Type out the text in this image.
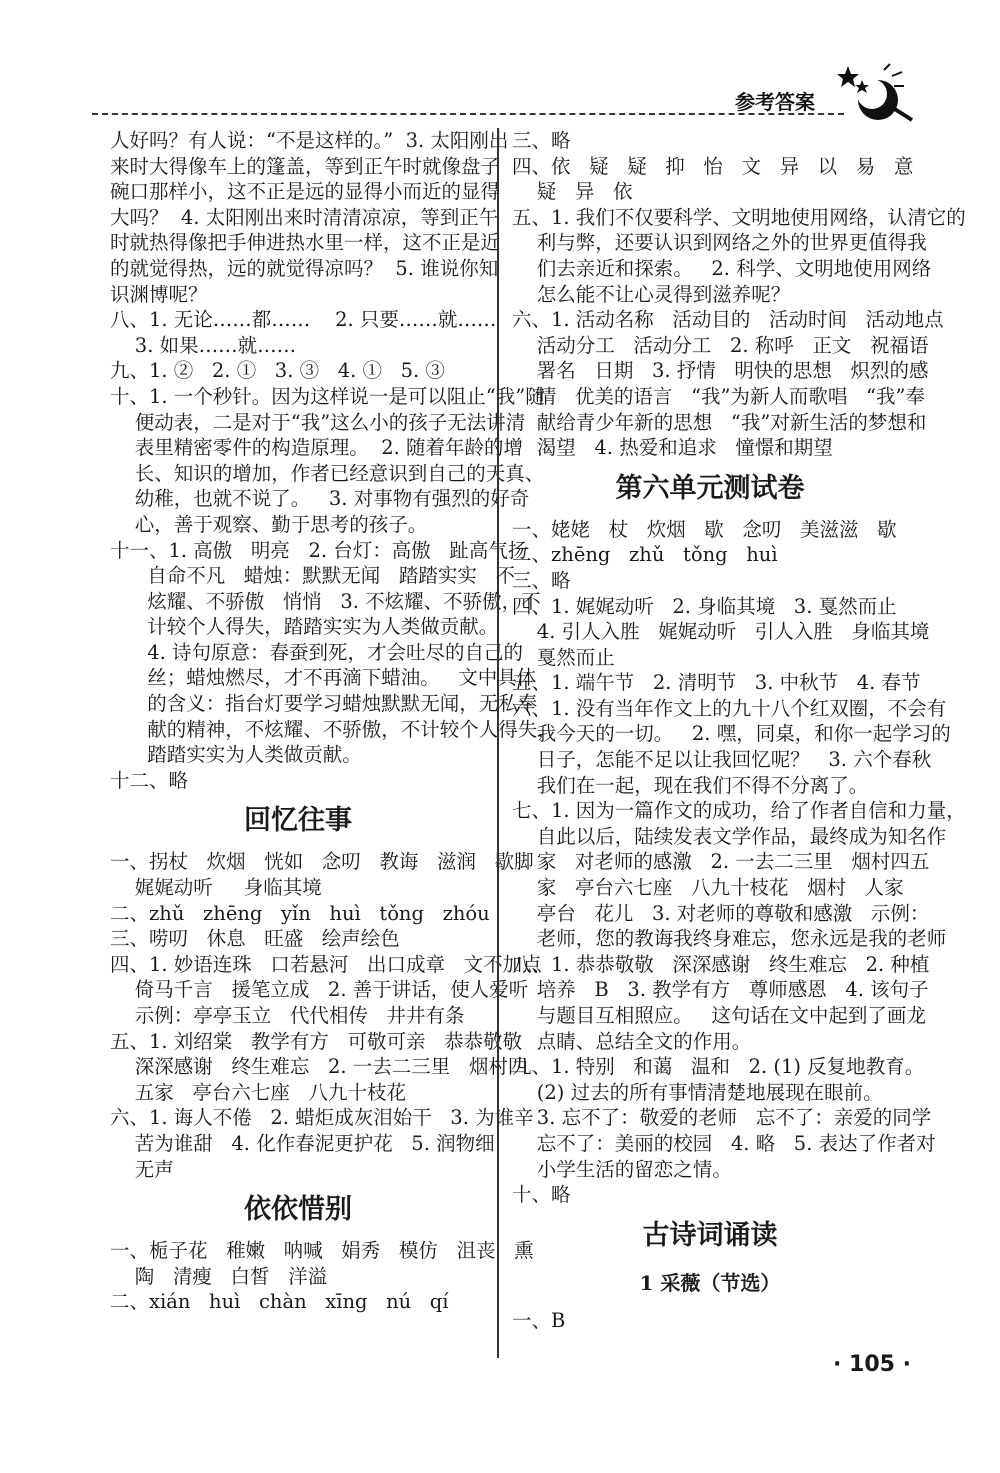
参考答案
人好吗？有人说：“不是这样的。”  3. 太阳刚出
来时大得像车上的篷盖，等到正午时就像盘子
碗口那样小，这不正是远的显得小而近的显得
大吗？  4. 太阳刚出来时清清凉凉，等到正午
时就热得像把手伸进热水里一样，这不正是近
的就觉得热，远的就觉得凉吗？  5. 谁说你知
识渊博呢？
八、1. 无论……都……    2. 只要……就……
3. 如果……就……
九、1. ②   2. ①   3. ③   4. ①   5. ③
十、1. 一个秒针。因为这样说一是可以阻止“我”随
便动表，二是对于“我”这么小的孩子无法讲清
表里精密零件的构造原理。  2. 随着年龄的增
长、知识的增加，作者已经意识到自己的天真、
幼稚，也就不说了。   3. 对事物有强烈的好奇
心，善于观察、勤于思考的孩子。
十一、1. 高傲   明亮   2. 台灯：高傲   趾高气扬
自命不凡   蜡烛：默默无闻   踏踏实实   不
炫耀、不骄傲   悄悄   3. 不炫耀、不骄傲，不
计较个人得失，踏踏实实为人类做贡献。
4. 诗句原意：春蚕到死，才会吐尽的自己的
丝；蜡烛燃尽，才不再滴下蜡油。   文中具体
的含义：指台灯要学习蜡烛默默无闻，无私奉
献的精神，不炫耀、不骄傲，不计较个人得失，
踏踏实实为人类做贡献。
十二、略
回忆往事
一、拐杖   炊烟   恍如   念叨   教诲   滋润   歇脚
娓娓动听     身临其境
二、zhǔ   zhēng   yǐn   huì   tǒng   zhóu
三、唠叨   休息   旺盛   绘声绘色
四、1. 妙语连珠   口若悬河   出口成章   文不加点
倚马千言   援笔立成   2. 善于讲话，使人爱听
示例：亭亭玉立   代代相传   井井有条
五、1. 刘绍棠   教学有方   可敬可亲   恭恭敬敬
深深感谢   终生难忘   2. 一去二三里   烟村四
五家   亭台六七座   八九十枝花
六、1. 诲人不倦   2. 蜡炬成灰泪始干   3. 为谁辛
苦为谁甜   4. 化作春泥更护花   5. 润物细
无声
依依惜别
一、栀子花   稚嫩   呐喊   娟秀   模仿   沮丧   熏
陶   清瘦   白皙   洋溢
二、xián   huì   chàn   xīng   nú   qí
三、略
四、依   疑   疑   抑   怡   文   异   以   易   意
疑   异   依
五、1. 我们不仅要科学、文明地使用网络，认清它的
利与弊，还要认识到网络之外的世界更值得我
们去亲近和探索。   2. 科学、文明地使用网络
怎么能不让心灵得到滋养呢？
六、1. 活动名称   活动目的   活动时间   活动地点
活动分工   活动分工   2. 称呼   正文   祝福语
署名   日期   3. 抒情   明快的思想   炽烈的感
情   优美的语言   “我”为新人而歌唱   “我”奉
献给青少年新的思想   “我”对新生活的梦想和
渴望   4. 热爱和追求   憧憬和期望
第六单元测试卷
一、姥姥   杖   炊烟   歇   念叨   美滋滋   歇
二、zhēng   zhǔ   tǒng   huì
三、略
四、1. 娓娓动听   2. 身临其境   3. 戛然而止
4. 引人入胜   娓娓动听   引人入胜   身临其境
戛然而止
五、1. 端午节   2. 清明节   3. 中秋节   4. 春节
六、1. 没有当年作文上的九十八个红双圈，不会有
我今天的一切。   2. 嘿，同桌，和你一起学习的
日子，怎能不足以让我回忆呢？   3. 六个春秋
我们在一起，现在我们不得不分离了。
七、1. 因为一篇作文的成功，给了作者自信和力量，
自此以后，陆续发表文学作品，最终成为知名作
家   对老师的感激   2. 一去二三里   烟村四五
家   亭台六七座   八九十枝花   烟村   人家
亭台   花儿   3. 对老师的尊敬和感激   示例：
老师，您的教诲我终身难忘，您永远是我的老师
八、1. 恭恭敬敬   深深感谢   终生难忘   2. 种植
培养   B   3. 教学有方   尊师感恩   4. 该句子
与题目互相照应。   这句话在文中起到了画龙
点睛、总结全文的作用。
九、1. 特别   和蔼   温和   2. (1) 反复地教育。
(2) 过去的所有事情清楚地展现在眼前。
3. 忘不了：敬爱的老师   忘不了：亲爱的同学
忘不了：美丽的校园   4. 略   5. 表达了作者对
小学生活的留恋之情。
十、略
古诗词诵读
1 采薇（节选）
一、B
· 105 ·
